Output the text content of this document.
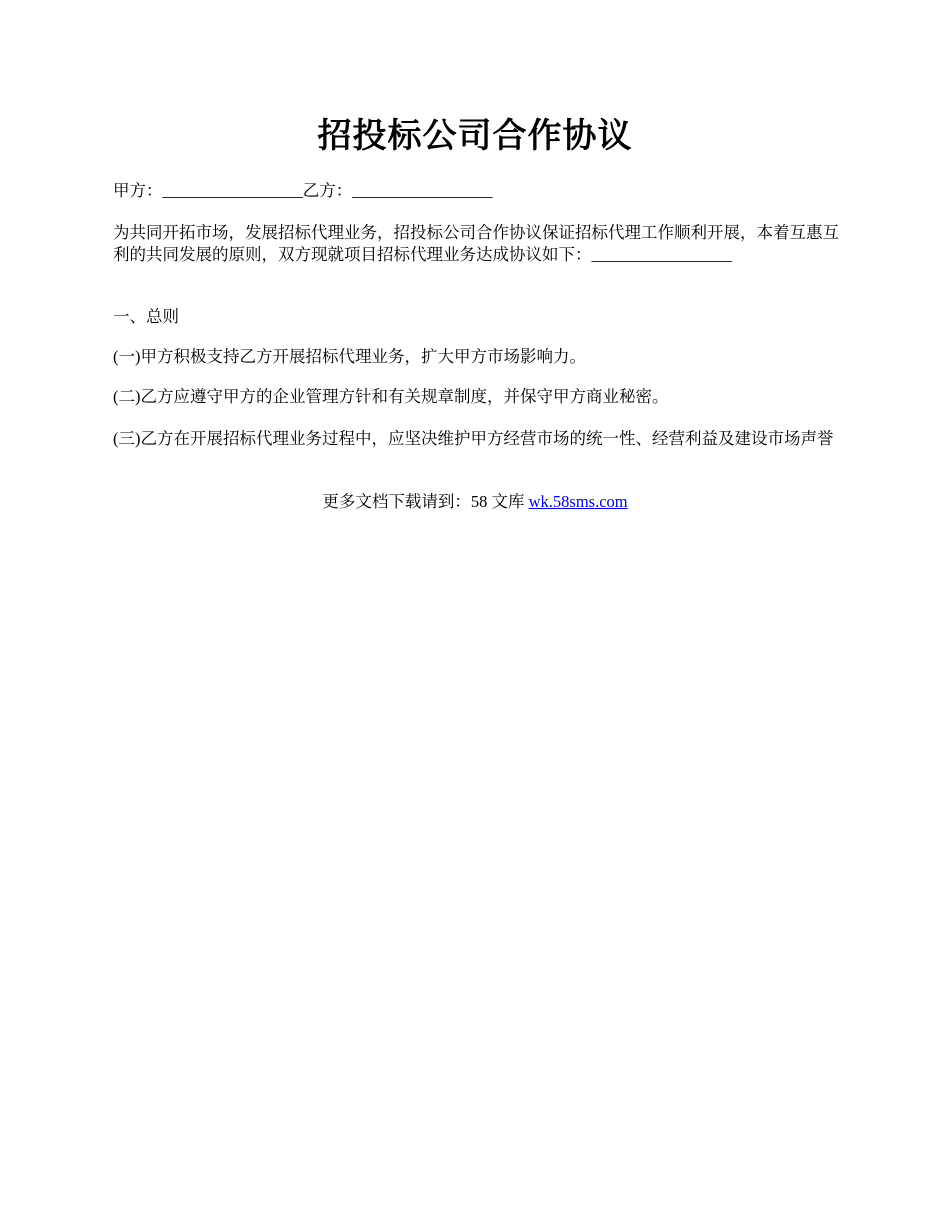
招投标公司合作协议

甲方：_________________乙方：_________________

为共同开拓市场，发展招标代理业务，招投标公司合作协议保证招标代理工作顺利开展，本着互惠互利的共同发展的原则，双方现就项目招标代理业务达成协议如下：_________________

一、总则

(一)甲方积极支持乙方开展招标代理业务，扩大甲方市场影响力。

(二)乙方应遵守甲方的企业管理方针和有关规章制度，并保守甲方商业秘密。

(三)乙方在开展招标代理业务过程中，应坚决维护甲方经营市场的统一性、经营利益及建设市场声誉

更多文档下载请到：58 文库 wk.58sms.com
